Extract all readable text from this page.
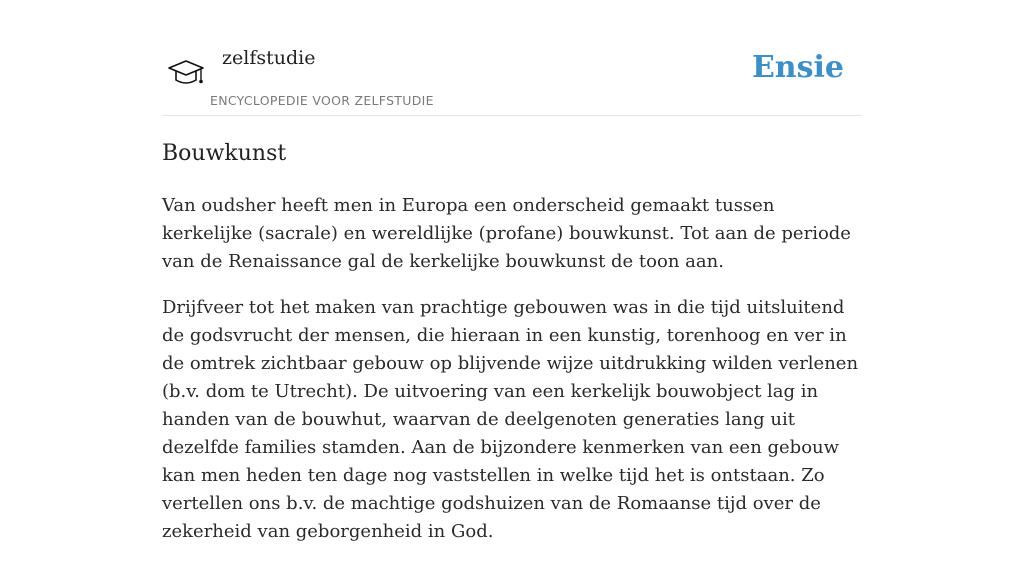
zelfstudie
ENCYCLOPEDIE VOOR ZELFSTUDIE
Ensie
Bouwkunst

Van oudsher heeft men in Europa een onderscheid gemaakt tussen kerkelijke (sacrale) en wereldlijke (profane) bouwkunst. Tot aan de periode van de Renaissance gal de kerkelijke bouwkunst de toon aan.

Drijfveer tot het maken van prachtige gebouwen was in die tijd uitsluitend de godsvrucht der mensen, die hieraan in een kunstig, torenhoog en ver in de omtrek zichtbaar gebouw op blijvende wijze uitdrukking wilden verlenen (b.v. dom te Utrecht). De uitvoering van een kerkelijk bouwobject lag in handen van de bouwhut, waarvan de deelgenoten generaties lang uit dezelfde families stamden. Aan de bijzondere kenmerken van een gebouw kan men heden ten dage nog vaststellen in welke tijd het is ontstaan. Zo vertellen ons b.v. de machtige godshuizen van de Romaanse tijd over de zekerheid van geborgenheid in God.
